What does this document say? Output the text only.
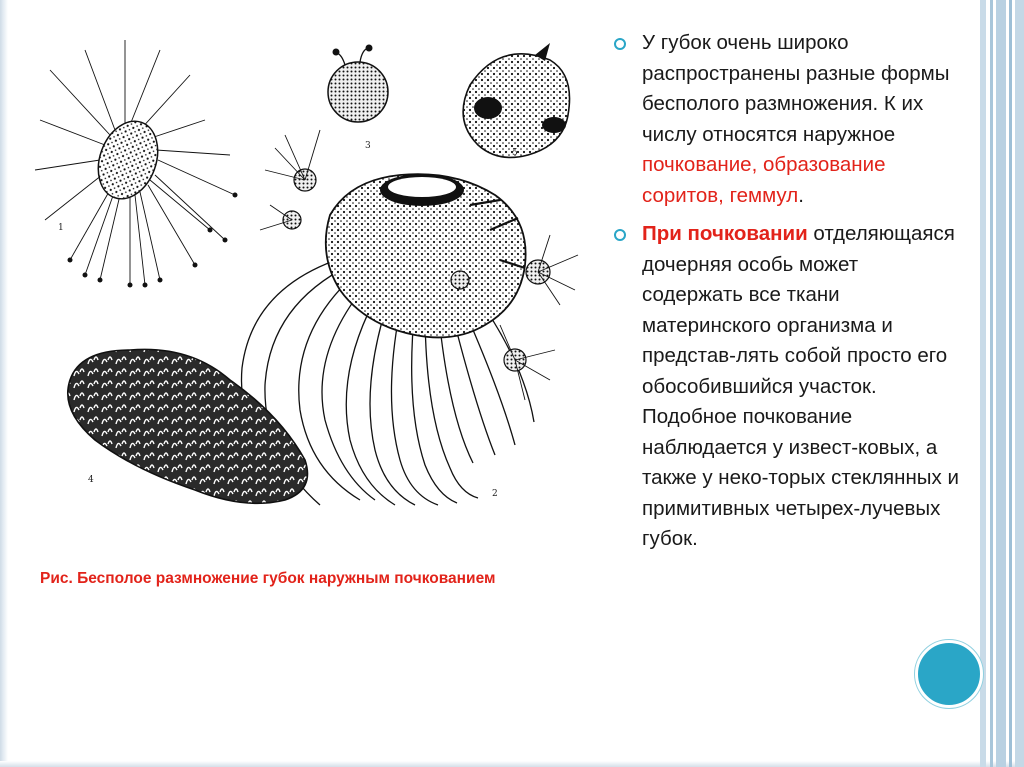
1
3
5
2
4
Рис. Бесполое размножение губок наружным почкованием
У губок очень широко распространены разные формы бесполого размножения. К их числу относятся наружное почкование, образование соритов, геммул.
При почковании отделяющаяся дочерняя особь может содержать все ткани материнского организма и представ-лять собой просто его обособившийся участок. Подобное почкование наблюдается у извест-ковых, а также у неко-торых стеклянных и примитивных четырех-лучевых губок.
